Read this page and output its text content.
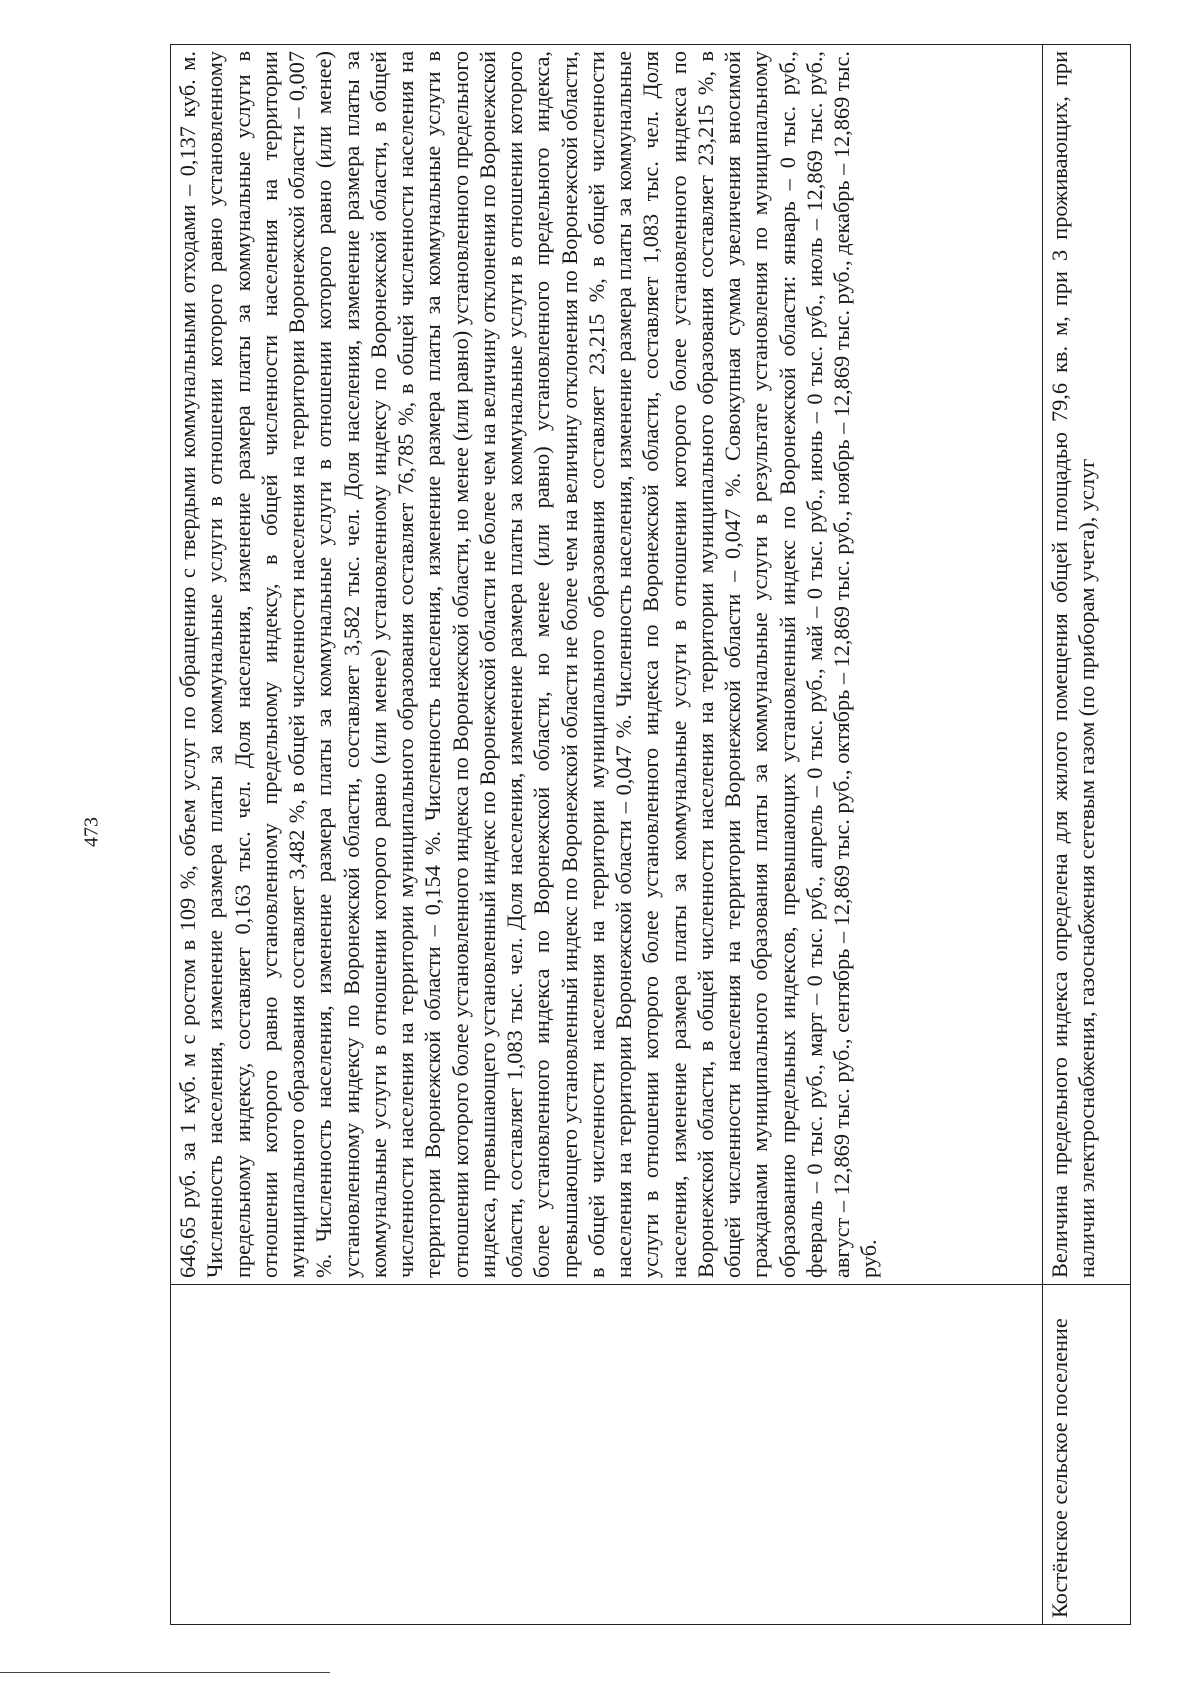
473

	646,65 руб. за 1 куб. м с ростом в 109 %, объем услуг по обращению с твердыми коммунальными отходами – 0,137 куб. м. Численность населения, изменение размера платы за коммунальные услуги в отношении которого равно установленному предельному индексу, составляет 0,163 тыс. чел. Доля населения, изменение размера платы за коммунальные услуги в отношении которого равно установленному предельному индексу, в общей численности населения на территории муниципального образования составляет 3,482 %, в общей численности населения на территории Воронежской области – 0,007 %. Численность населения, изменение размера платы за коммунальные услуги в отношении которого равно (или менее) установленному индексу по Воронежской области, составляет 3,582 тыс. чел. Доля населения, изменение размера платы за коммунальные услуги в отношении которого равно (или менее) установленному индексу по Воронежской области, в общей численности населения на территории муниципального образования составляет 76,785 %, в общей численности населения на территории Воронежской области – 0,154 %. Численность населения, изменение размера платы за коммунальные услуги в отношении которого более установленного индекса по Воронежской области, но менее (или равно) установленного предельного индекса, превышающего установленный индекс по Воронежской области не более чем на величину отклонения по Воронежской области, составляет 1,083 тыс. чел. Доля населения, изменение размера платы за коммунальные услуги в отношении которого более установленного индекса по Воронежской области, но менее (или равно) установленного предельного индекса, превышающего установленный индекс по Воронежской области не более чем на величину отклонения по Воронежской области, в общей численности населения на территории муниципального образования составляет 23,215 %, в общей численности населения на территории Воронежской области – 0,047 %. Численность населения, изменение размера платы за коммунальные услуги в отношении которого более установленного индекса по Воронежской области, составляет 1,083 тыс. чел. Доля населения, изменение размера платы за коммунальные услуги в отношении которого более установленного индекса по Воронежской области, в общей численности населения на территории муниципального образования составляет 23,215 %, в общей численности населения на территории Воронежской области – 0,047 %. Совокупная сумма увеличения вносимой гражданами муниципального образования платы за коммунальные услуги в результате установления по муниципальному образованию предельных индексов, превышающих установленный индекс по Воронежской области: январь – 0 тыс. руб., февраль – 0 тыс. руб., март – 0 тыс. руб., апрель – 0 тыс. руб., май – 0 тыс. руб., июнь – 0 тыс. руб., июль – 12,869 тыс. руб., август – 12,869 тыс. руб., сентябрь – 12,869 тыс. руб., октябрь – 12,869 тыс. руб., ноябрь – 12,869 тыс. руб., декабрь – 12,869 тыс. руб.

Костёнское сельское поселение	Величина предельного индекса определена для жилого помещения общей площадью 79,6 кв. м, при 3 проживающих, при наличии электроснабжения, газоснабжения сетевым газом (по приборам учета), услуг
